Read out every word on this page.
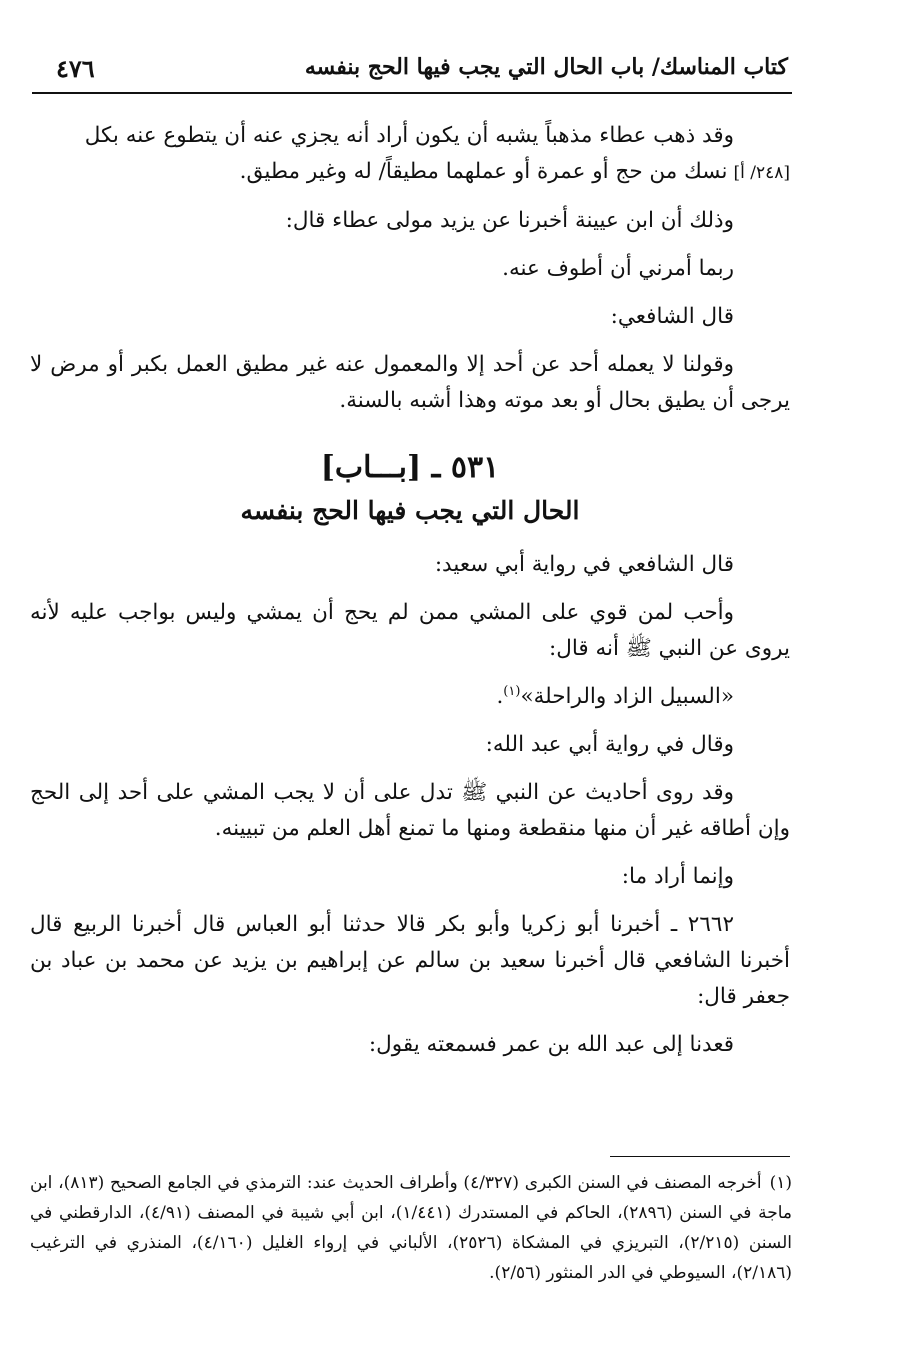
كتاب المناسك/ باب الحال التي يجب فيها الحج بنفسه
٤٧٦

وقد ذهب عطاء مذهباً يشبه أن يكون أراد أنه يجزي عنه أن يتطوع عنه بكل

[٢٤٨/ أ]نسك من حج أو عمرة أو عملهما مطيقاً/ له وغير مطيق.

وذلك أن ابن عيينة أخبرنا عن يزيد مولى عطاء قال:

ربما أمرني أن أطوف عنه.

قال الشافعي:

وقولنا لا يعمله أحد عن أحد إلا والمعمول عنه غير مطيق العمل بكبر أو مرض لا يرجى أن يطيق بحال أو بعد موته وهذا أشبه بالسنة.

٥٣١ ـ [بـــاب]
الحال التي يجب فيها الحج بنفسه

قال الشافعي في رواية أبي سعيد:

وأحب لمن قوي على المشي ممن لم يحج أن يمشي وليس بواجب عليه لأنه يروى عن النبي ﷺ أنه قال:

«السبيل الزاد والراحلة»$^{(١)}$.

وقال في رواية أبي عبد الله:

وقد روى أحاديث عن النبي ﷺ تدل على أن لا يجب المشي على أحد إلى الحج وإن أطاقه غير أن منها منقطعة ومنها ما تمنع أهل العلم من تبيينه.

وإنما أراد ما:

٢٦٦٢ ـ أخبرنا أبو زكريا وأبو بكر قالا حدثنا أبو العباس قال أخبرنا الربيع قال أخبرنا الشافعي قال أخبرنا سعيد بن سالم عن إبراهيم بن يزيد عن محمد بن عباد بن جعفر قال:

قعدنا إلى عبد الله بن عمر فسمعته يقول:

(١)أخرجه المصنف في السنن الكبرى (٤/٣٢٧) وأطراف الحديث عند: الترمذي في الجامع الصحيح (٨١٣)، ابن ماجة في السنن (٢٨٩٦)، الحاكم في المستدرك (١/٤٤١)، ابن أبي شيبة في المصنف (٤/٩١)، الدارقطني في السنن (٢/٢١٥)، التبريزي في المشكاة (٢٥٢٦)، الألباني في إرواء الغليل (٤/١٦٠)، المنذري في الترغيب (٢/١٨٦)، السيوطي في الدر المنثور (٢/٥٦).
